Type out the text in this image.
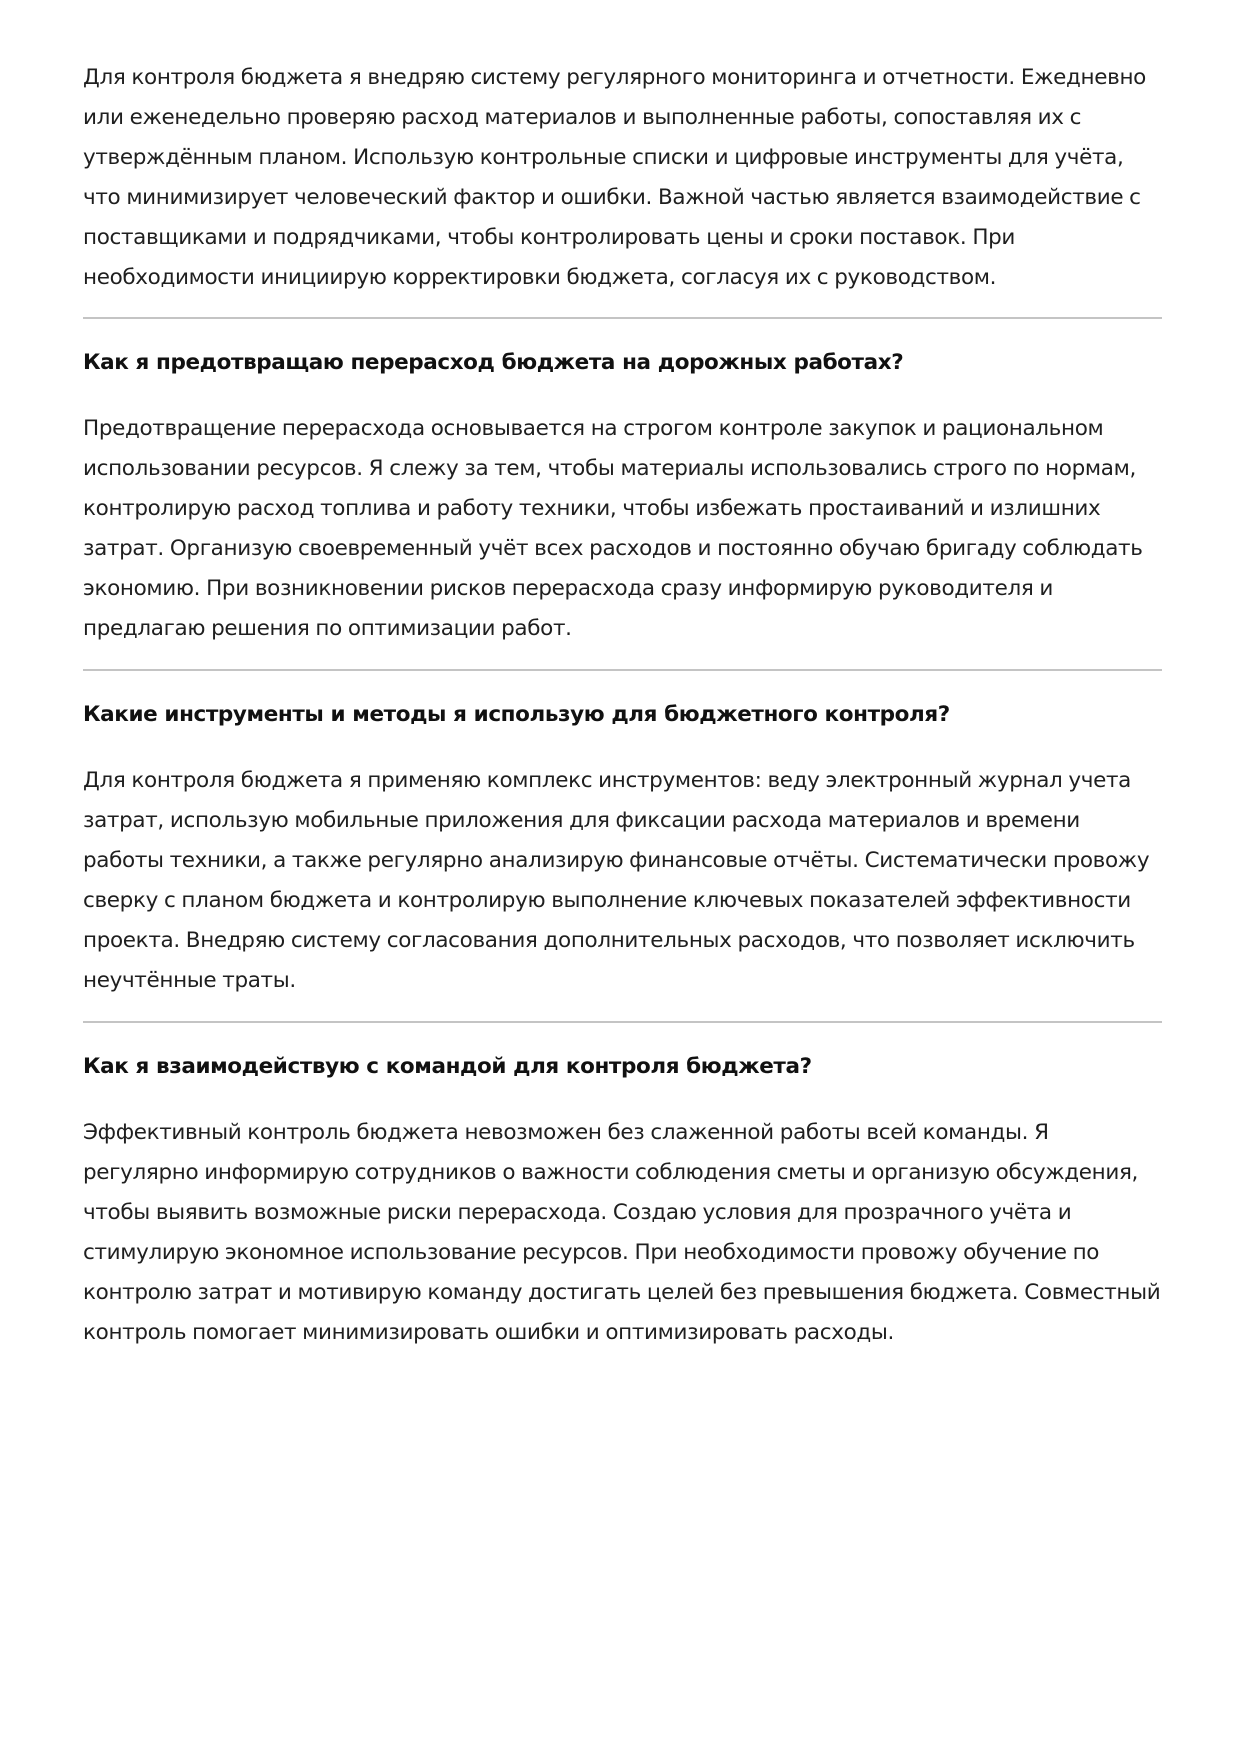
Для контроля бюджета я внедряю систему регулярного мониторинга и отчетности. Ежедневно или еженедельно проверяю расход материалов и выполненные работы, сопоставляя их с утверждённым планом. Использую контрольные списки и цифровые инструменты для учёта, что минимизирует человеческий фактор и ошибки. Важной частью является взаимодействие с поставщиками и подрядчиками, чтобы контролировать цены и сроки поставок. При необходимости инициирую корректировки бюджета, согласуя их с руководством.

Как я предотвращаю перерасход бюджета на дорожных работах?

Предотвращение перерасхода основывается на строгом контроле закупок и рациональном использовании ресурсов. Я слежу за тем, чтобы материалы использовались строго по нормам, контролирую расход топлива и работу техники, чтобы избежать простаиваний и излишних затрат. Организую своевременный учёт всех расходов и постоянно обучаю бригаду соблюдать экономию. При возникновении рисков перерасхода сразу информирую руководителя и предлагаю решения по оптимизации работ.

Какие инструменты и методы я использую для бюджетного контроля?

Для контроля бюджета я применяю комплекс инструментов: веду электронный журнал учета затрат, использую мобильные приложения для фиксации расхода материалов и времени работы техники, а также регулярно анализирую финансовые отчёты. Систематически провожу сверку с планом бюджета и контролирую выполнение ключевых показателей эффективности проекта. Внедряю систему согласования дополнительных расходов, что позволяет исключить неучтённые траты.

Как я взаимодействую с командой для контроля бюджета?

Эффективный контроль бюджета невозможен без слаженной работы всей команды. Я регулярно информирую сотрудников о важности соблюдения сметы и организую обсуждения, чтобы выявить возможные риски перерасхода. Создаю условия для прозрачного учёта и стимулирую экономное использование ресурсов. При необходимости провожу обучение по контролю затрат и мотивирую команду достигать целей без превышения бюджета. Совместный контроль помогает минимизировать ошибки и оптимизировать расходы.
